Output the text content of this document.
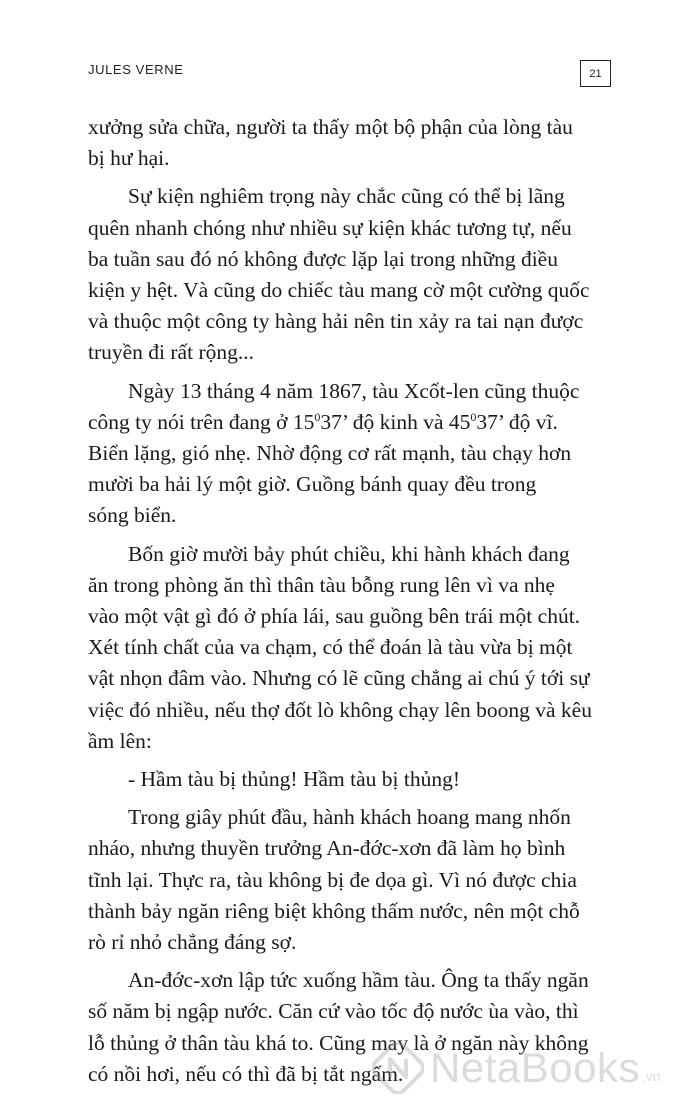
JULES VERNE	21

xưởng sửa chữa, người ta thấy một bộ phận của lòng tàu
bị hư hại.

Sự kiện nghiêm trọng này chắc cũng có thể bị lãng
quên nhanh chóng như nhiều sự kiện khác tương tự, nếu
ba tuần sau đó nó không được lặp lại trong những điều
kiện y hệt. Và cũng do chiếc tàu mang cờ một cường quốc
và thuộc một công ty hàng hải nên tin xảy ra tai nạn được
truyền đi rất rộng...

Ngày 13 tháng 4 năm 1867, tàu Xcốt-len cũng thuộc
công ty nói trên đang ở $15^037$’ độ kinh và $45^037$’ độ vĩ.
Biển lặng, gió nhẹ. Nhờ động cơ rất mạnh, tàu chạy hơn
mười ba hải lý một giờ. Guồng bánh quay đều trong
sóng biển.

Bốn giờ mười bảy phút chiều, khi hành khách đang
ăn trong phòng ăn thì thân tàu bỗng rung lên vì va nhẹ
vào một vật gì đó ở phía lái, sau guồng bên trái một chút.
Xét tính chất của va chạm, có thể đoán là tàu vừa bị một
vật nhọn đâm vào. Nhưng có lẽ cũng chẳng ai chú ý tới sự
việc đó nhiều, nếu thợ đốt lò không chạy lên boong và kêu
ầm lên:

- Hầm tàu bị thủng! Hầm tàu bị thủng!

Trong giây phút đầu, hành khách hoang mang nhốn
nháo, nhưng thuyền trưởng An-đớc-xơn đã làm họ bình
tĩnh lại. Thực ra, tàu không bị đe dọa gì. Vì nó được chia
thành bảy ngăn riêng biệt không thấm nước, nên một chỗ
rò rỉ nhỏ chẳng đáng sợ.

An-đớc-xơn lập tức xuống hầm tàu. Ông ta thấy ngăn
số năm bị ngập nước. Căn cứ vào tốc độ nước ùa vào, thì
lỗ thủng ở thân tàu khá to. Cũng may là ở ngăn này không
có nồi hơi, nếu có thì đã bị tắt ngấm. NetaBooks .vn
